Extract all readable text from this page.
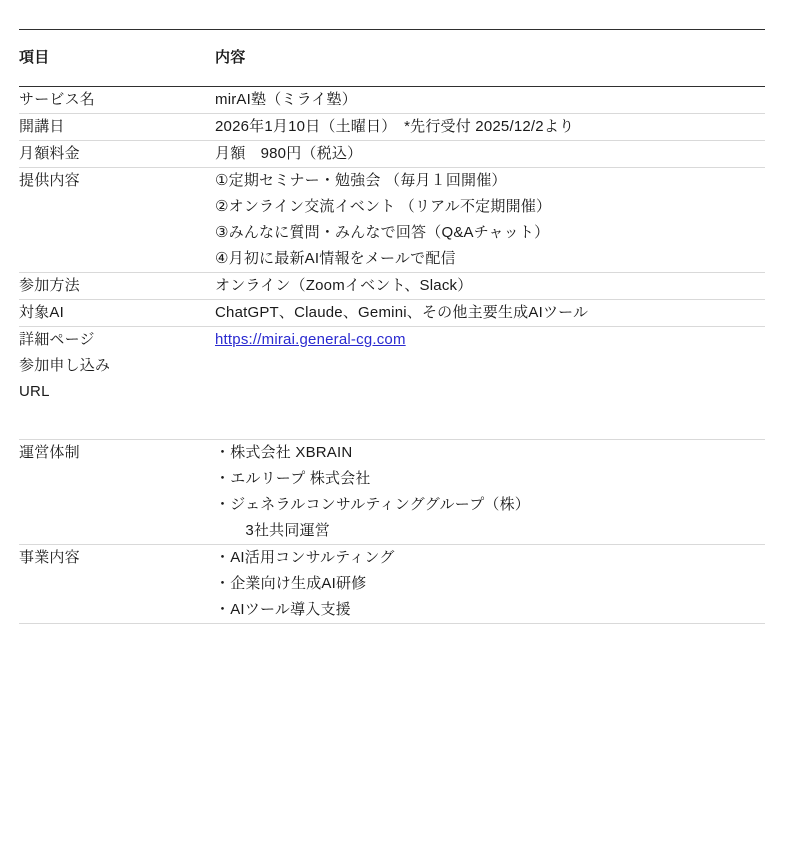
項目	内容
サービス名	mirAI塾（ミライ塾）

開講日	2026年1月10日（土曜日）　*先行受付 2025/12/2より

月額料金	月額　980円（税込）

提供内容	①定期セミナー・勉強会 （毎月１回開催）
②オンライン交流イベント （リアル不定期開催）
③みんなに質問・みんなで回答（Q&Aチャット）
④月初に最新AI情報をメールで配信

参加方法	オンライン（Zoomイベント、Slack）

対象AI	ChatGPT、Claude、Gemini、その他主要生成AIツール

詳細ページ
参加申し込み
URL	https://mirai.general-cg.com
運営体制	・株式会社 XBRAIN
・エルリープ 株式会社
・ジェネラルコンサルティンググループ（株）
　　3社共同運営

事業内容	・AI活用コンサルティング
・企業向け生成AI研修
・AIツール導入支援
